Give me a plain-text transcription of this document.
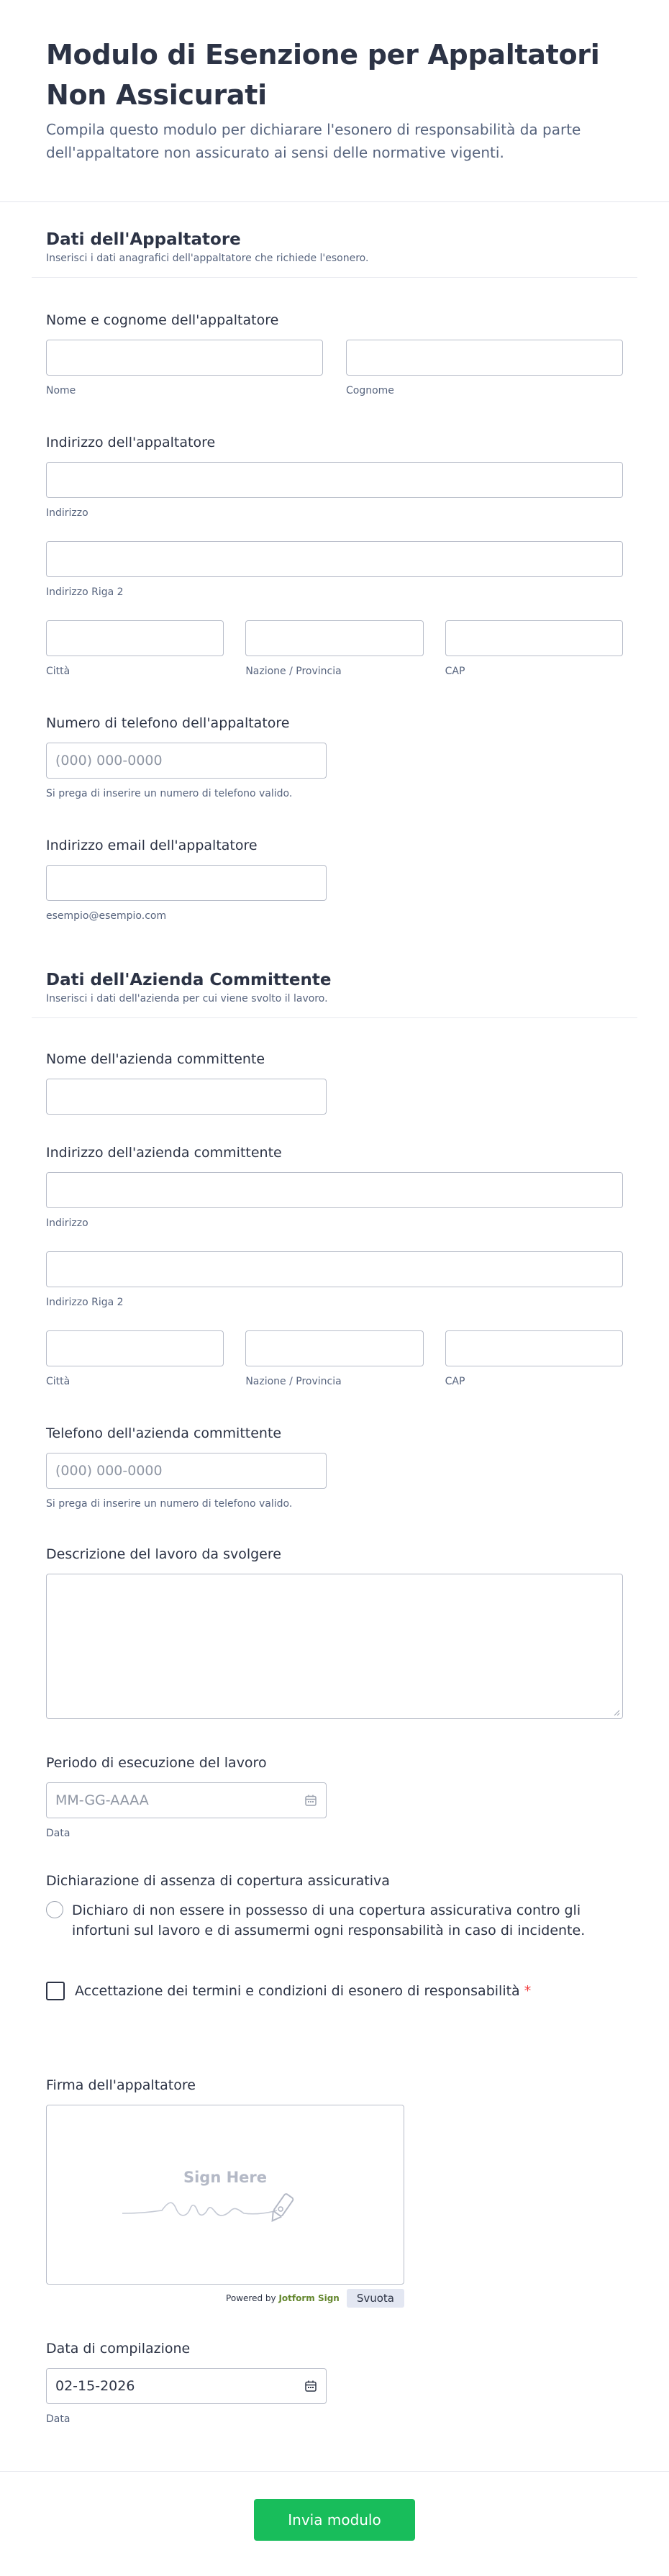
Modulo di Esenzione per Appaltatori Non Assicurati

Compila questo modulo per dichiarare l'esonero di responsabilità da parte dell'appaltatore non assicurato ai sensi delle normative vigenti.

Dati dell'Appaltatore
Inserisci i dati anagrafici dell'appaltatore che richiede l'esonero.
Nome e cognome dell'appaltatore
Nome	Cognome
Indirizzo dell'appaltatore
Indirizzo
Indirizzo Riga 2
Città	Nazione / Provincia	CAP
Numero di telefono dell'appaltatore
(000) 000-0000
Si prega di inserire un numero di telefono valido.
Indirizzo email dell'appaltatore
esempio@esempio.com
Dati dell'Azienda Committente
Inserisci i dati dell'azienda per cui viene svolto il lavoro.
Nome dell'azienda committente
Indirizzo dell'azienda committente
Indirizzo
Indirizzo Riga 2
Città	Nazione / Provincia	CAP
Telefono dell'azienda committente
(000) 000-0000
Si prega di inserire un numero di telefono valido.
Descrizione del lavoro da svolgere
Periodo di esecuzione del lavoro
MM-GG-AAAA
Data
Dichiarazione di assenza di copertura assicurativa
Dichiaro di non essere in possesso di una copertura assicurativa contro gli infortuni sul lavoro e di assumermi ogni responsabilità in caso di incidente.
Accettazione dei termini e condizioni di esonero di responsabilità *
Firma dell'appaltatore
Sign Here
Powered by Jotform Sign	Svuota
Data di compilazione
02-15-2026
Data
Invia modulo
